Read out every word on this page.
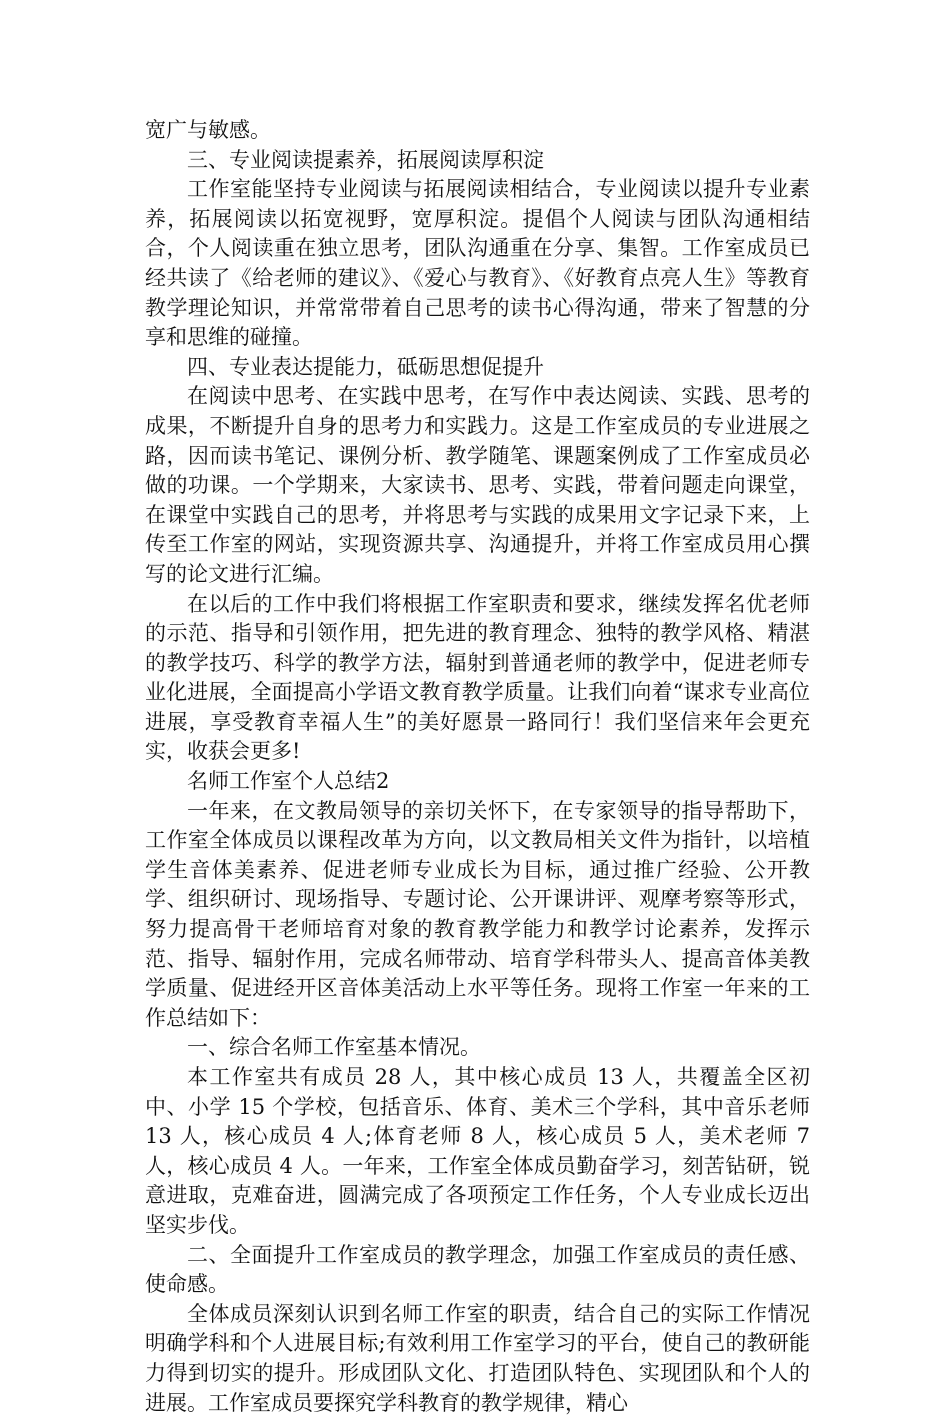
宽广与敏感。

三、专业阅读提素养，拓展阅读厚积淀

工作室能坚持专业阅读与拓展阅读相结合，专业阅读以提升专业素养，拓展阅读以拓宽视野，宽厚积淀。提倡个人阅读与团队沟通相结合，个人阅读重在独立思考，团队沟通重在分享、集智。工作室成员已经共读了《给老师的建议》、《爱心与教育》、《好教育点亮人生》等教育教学理论知识，并常常带着自己思考的读书心得沟通，带来了智慧的分享和思维的碰撞。

四、专业表达提能力，砥砺思想促提升

在阅读中思考、在实践中思考，在写作中表达阅读、实践、思考的成果，不断提升自身的思考力和实践力。这是工作室成员的专业进展之路，因而读书笔记、课例分析、教学随笔、课题案例成了工作室成员必做的功课。一个学期来，大家读书、思考、实践，带着问题走向课堂，在课堂中实践自己的思考，并将思考与实践的成果用文字记录下来，上传至工作室的网站，实现资源共享、沟通提升，并将工作室成员用心撰写的论文进行汇编。

在以后的工作中我们将根据工作室职责和要求，继续发挥名优老师的示范、指导和引领作用，把先进的教育理念、独特的教学风格、精湛的教学技巧、科学的教学方法，辐射到普通老师的教学中，促进老师专业化进展，全面提高小学语文教育教学质量。让我们向着“谋求专业高位进展，享受教育幸福人生”的美好愿景一路同行！我们坚信来年会更充实，收获会更多!

名师工作室个人总结2

一年来，在文教局领导的亲切关怀下，在专家领导的指导帮助下，工作室全体成员以课程改革为方向，以文教局相关文件为指针，以培植学生音体美素养、促进老师专业成长为目标，通过推广经验、公开教学、组织研讨、现场指导、专题讨论、公开课讲评、观摩考察等形式，努力提高骨干老师培育对象的教育教学能力和教学讨论素养，发挥示范、指导、辐射作用，完成名师带动、培育学科带头人、提高音体美教学质量、促进经开区音体美活动上水平等任务。现将工作室一年来的工作总结如下：

一、综合名师工作室基本情况。

本工作室共有成员 28 人，其中核心成员 13 人，共覆盖全区初中、小学 15 个学校，包括音乐、体育、美术三个学科，其中音乐老师 13 人，核心成员 4 人;体育老师 8 人，核心成员 5 人，美术老师 7 人，核心成员 4 人。一年来，工作室全体成员勤奋学习，刻苦钻研，锐意进取，克难奋进，圆满完成了各项预定工作任务，个人专业成长迈出坚实步伐。

二、全面提升工作室成员的教学理念，加强工作室成员的责任感、使命感。

全体成员深刻认识到名师工作室的职责，结合自己的实际工作情况明确学科和个人进展目标;有效利用工作室学习的平台，使自己的教研能力得到切实的提升。形成团队文化、打造团队特色、实现团队和个人的进展。工作室成员要探究学科教育的教学规律，精心
